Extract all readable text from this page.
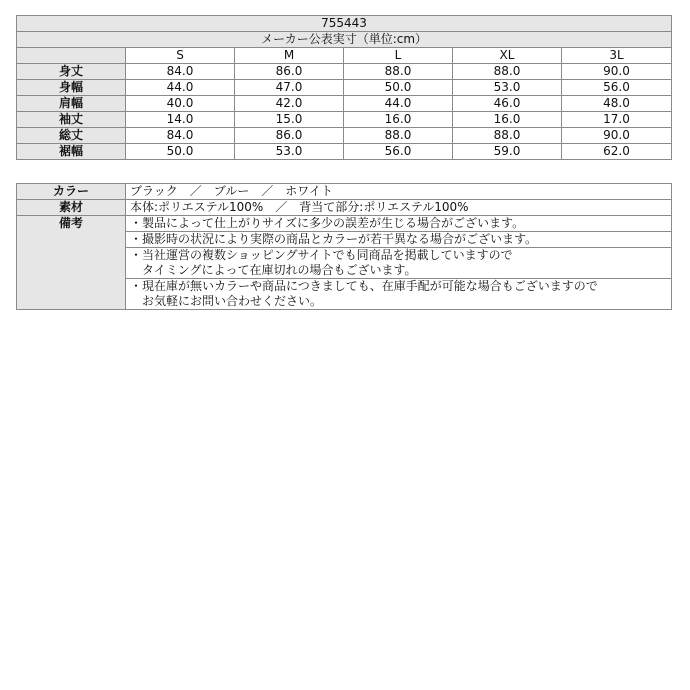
755443					
メーカー公表実寸（単位:cm）					
	S	M	L	XL	3L
身丈	84.0	86.0	88.0	88.0	90.0
身幅	44.0	47.0	50.0	53.0	56.0
肩幅	40.0	42.0	44.0	46.0	48.0
袖丈	14.0	15.0	16.0	16.0	17.0
総丈	84.0	86.0	88.0	88.0	90.0
裾幅	50.0	53.0	56.0	59.0	62.0
カラー	ブラック　／　ブルー　／　ホワイト
素材	本体:ポリエステル100%　／　背当て部分:ポリエステル100%
備考	・製品によって仕上がりサイズに多少の誤差が生じる場合がございます。

	・撮影時の状況により実際の商品とカラーが若干異なる場合がございます。

	・当社運営の複数ショッピングサイトでも同商品を掲載していますので
　タイミングによって在庫切れの場合もございます。

	・現在庫が無いカラーや商品につきましても、在庫手配が可能な場合もございますので
　お気軽にお問い合わせください。
